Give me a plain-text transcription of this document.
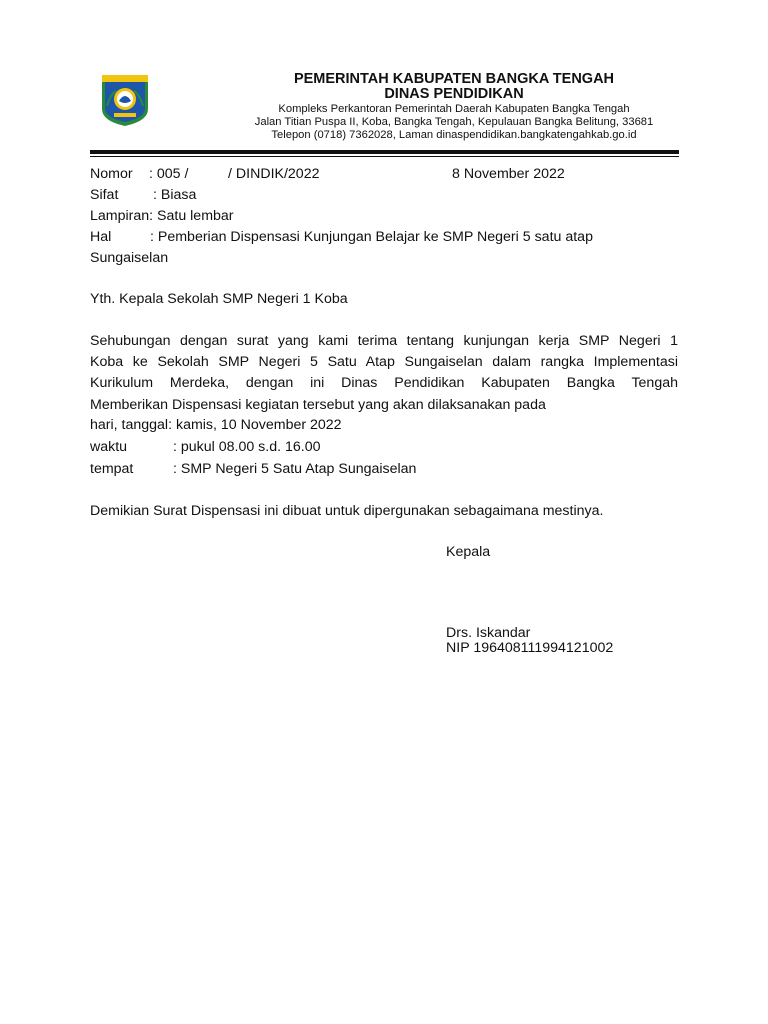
PEMERINTAH KABUPATEN BANGKA TENGAH
DINAS PENDIDIKAN
Kompleks Perkantoran Pemerintah Daerah Kabupaten Bangka Tengah
Jalan Titian Puspa II, Koba, Bangka Tengah, Kepulauan Bangka Belitung, 33681
Telepon (0718) 7362028, Laman dinaspendidikan.bangkatengahkab.go.id
Nomor : 005 /	/ DINDIK/2022	8 November 2022
Sifat : Biasa
Lampiran: Satu lembar
Hal	: Pemberian Dispensasi Kunjungan Belajar ke SMP Negeri 5 satu atap
Sungaiselan
Yth. Kepala Sekolah SMP Negeri 1 Koba
Sehubungan dengan surat yang kami terima tentang kunjungan kerja SMP Negeri 1
Koba ke Sekolah SMP Negeri 5 Satu Atap Sungaiselan dalam rangka Implementasi
Kurikulum Merdeka, dengan ini Dinas Pendidikan Kabupaten Bangka Tengah
Memberikan Dispensasi kegiatan tersebut yang akan dilaksanakan pada
hari, tanggal: kamis, 10 November 2022
waktu	: pukul 08.00 s.d. 16.00
tempat	: SMP Negeri 5 Satu Atap Sungaiselan
Demikian Surat Dispensasi ini dibuat untuk dipergunakan sebagaimana mestinya.
Kepala
Drs. Iskandar
NIP 196408111994121002
